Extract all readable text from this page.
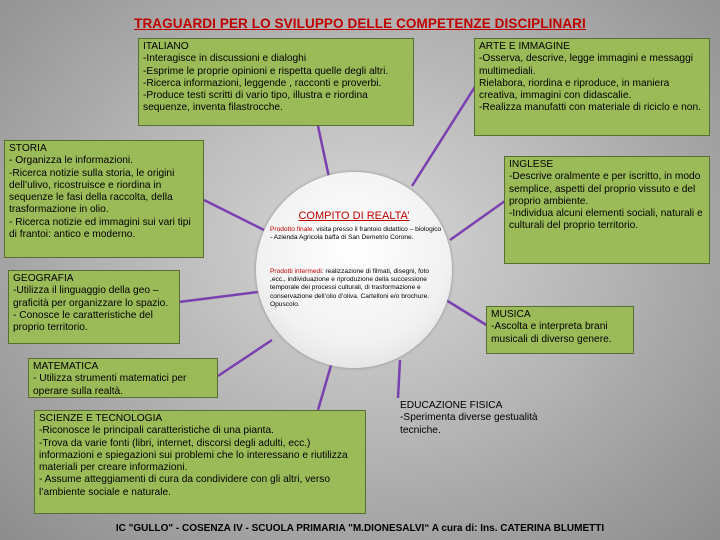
TRAGUARDI PER LO SVILUPPO DELLE COMPETENZE DISCIPLINARI
COMPITO DI REALTA’
Prodotto finale. visita presso il frantoio didattico – biologico - Azienda Agricola baffa di San Demetrio Corone.
Prodotti intermedi: realizzazione di filmati, disegni, foto ,ecc., individuazione e riproduzione della successione temporale dei processi culturali, di trasformazione e conservazione dell’olio d’oliva. Cartelloni e/o brochure. Opuscolo.
ITALIANO
-Interagisce in discussioni e dialoghi
-Esprime le proprie opinioni e rispetta quelle degli altri.
-Ricerca informazioni, leggende , racconti e proverbi.
-Produce testi scritti di vario tipo, illustra e riordina sequenze, inventa filastrocche.
ARTE E IMMAGINE
-Osserva, descrive, legge immagini e messaggi multimediali.
Rielabora, riordina e riproduce, in maniera creativa, immagini con didascalie.
-Realizza manufatti con materiale di riciclo e non.
STORIA
- Organizza le informazioni.
-Ricerca notizie sulla storia, le origini dell’ulivo, ricostruisce e riordina in sequenze le fasi della raccolta, della trasformazione in olio.
- Ricerca notizie ed immagini sui vari tipi di frantoi: antico e moderno.
INGLESE
-Descrive oralmente e per iscritto, in modo semplice, aspetti del proprio vissuto e del proprio ambiente.
-Individua alcuni elementi sociali, naturali e culturali del proprio territorio.
GEOGRAFIA
-Utilizza il linguaggio della geo – graficità per organizzare lo spazio.
- Conosce le caratteristiche del proprio territorio.
MUSICA
-Ascolta e interpreta brani musicali di diverso genere.
MATEMATICA
- Utilizza strumenti matematici per operare sulla realtà.
EDUCAZIONE FISICA
-Sperimenta diverse gestualità tecniche.
SCIENZE E TECNOLOGIA
-Riconosce le principali caratteristiche di una pianta.
-Trova da varie fonti (libri, internet, discorsi degli adulti, ecc.) informazioni e spiegazioni sui problemi che lo interessano e riutilizza materiali per creare informazioni.
- Assume atteggiamenti di cura da condividere con gli altri, verso l’ambiente sociale e naturale.
IC "GULLO" - COSENZA IV - SCUOLA PRIMARIA "M.DIONESALVI“ A cura di: Ins. CATERINA BLUMETTI
